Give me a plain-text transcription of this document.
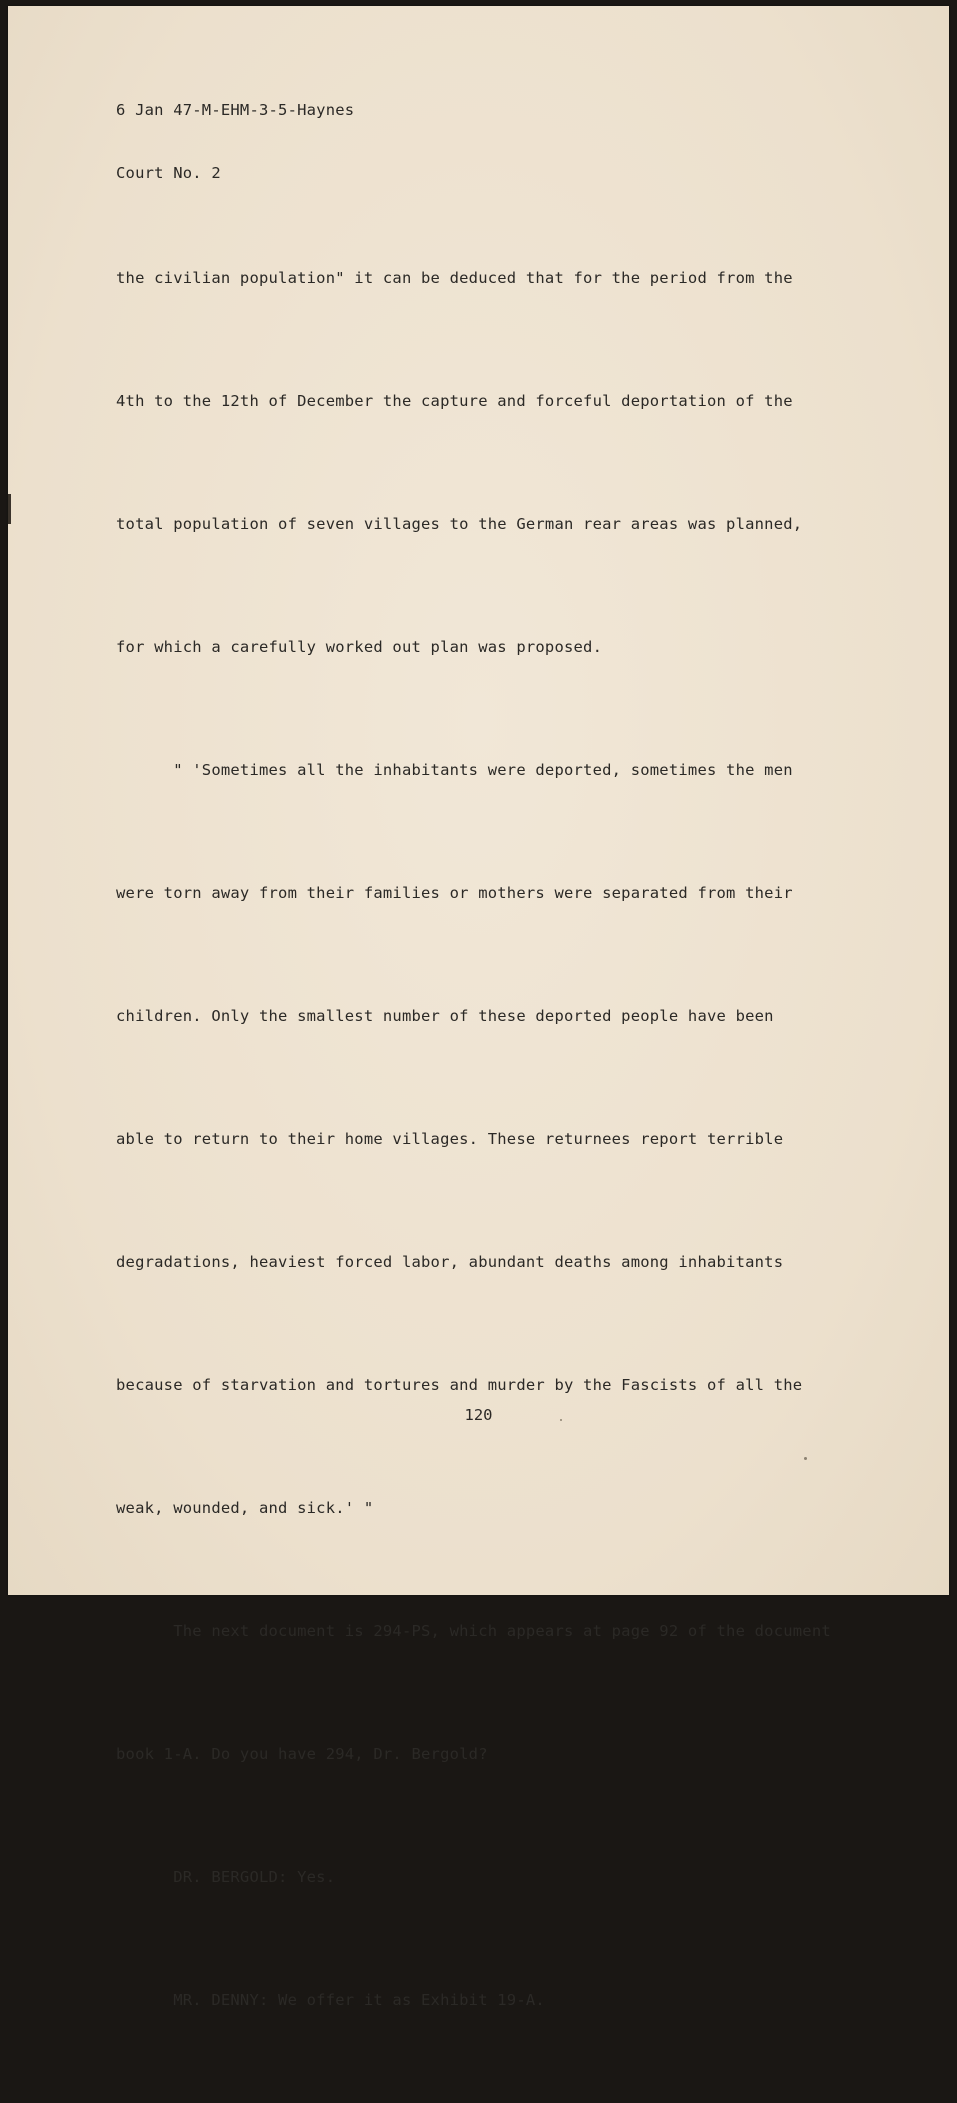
6 Jan 47-M-EHM-3-5-Haynes

Court No. 2

the civilian population" it can be deduced that for the period from the

4th to the 12th of December the capture and forceful deportation of the

total population of seven villages to the German rear areas was planned,

for which a carefully worked out plan was proposed.

" 'Sometimes all the inhabitants were deported, sometimes the men

were torn away from their families or mothers were separated from their

children. Only the smallest number of these deported people have been

able to return to their home villages. These returnees report terrible

degradations, heaviest forced labor, abundant deaths among inhabitants

because of starvation and tortures and murder by the Fascists of all the

weak, wounded, and sick.' "

The next document is 294-PS, which appears at page 92 of the document

book 1-A. Do you have 294, Dr. Bergold?

DR. BERGOLD: Yes.

MR. DENNY: We offer it as Exhibit 19-A.

120
